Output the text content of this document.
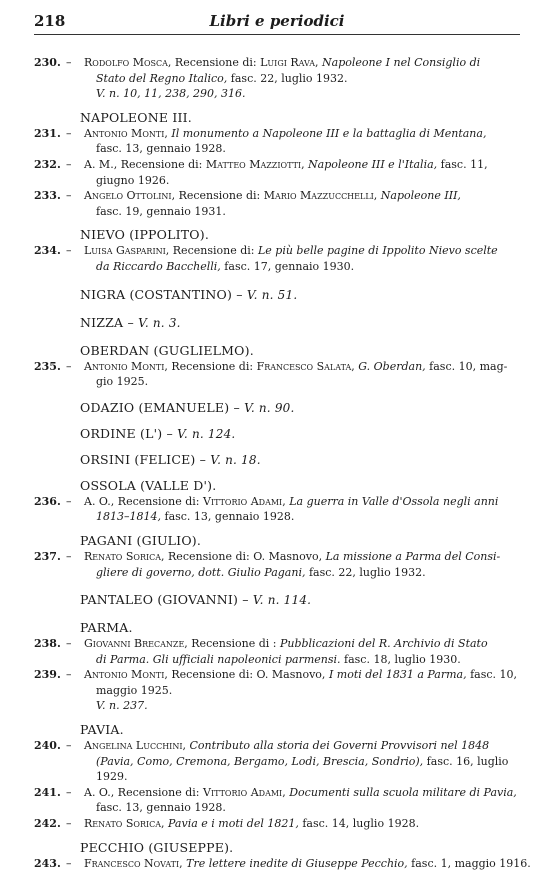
218	Libri e periodici
230. – Rodolfo Mosca, Recensione di: Luigi Rava, Napoleone I nel Consiglio di
Stato del Regno Italico, fasc. 22, luglio 1932.
V. n. 10, 11, 238, 290, 316.
NAPOLEONE III.
231. – Antonio Monti, Il monumento a Napoleone III e la battaglia di Mentana,
fasc. 13, gennaio 1928.
232. – A. M., Recensione di: Matteo Mazziotti, Napoleone III e l'Italia, fasc. 11,
giugno 1926.
233. – Angelo Ottolini, Recensione di: Mario Mazzucchelli, Napoleone III,
fasc. 19, gennaio 1931.
NIEVO (IPPOLITO).
234. – Luisa Gasparini, Recensione di: Le più belle pagine di Ippolito Nievo scelte
da Riccardo Bacchelli, fasc. 17, gennaio 1930.
NIGRA (COSTANTINO) – V. n. 51.
NIZZA – V. n. 3.
OBERDAN (GUGLIELMO).
235. – Antonio Monti, Recensione di: Francesco Salata, G. Oberdan, fasc. 10, mag-
gio 1925.
ODAZIO (EMANUELE) – V. n. 90.
ORDINE (L') – V. n. 124.
ORSINI (FELICE) – V. n. 18.
OSSOLA (VALLE D').
236. – A. O., Recensione di: Vittorio Adami, La guerra in Valle d'Ossola negli anni
1813–1814, fasc. 13, gennaio 1928.
PAGANI (GIULIO).
237. – Renato Sorica, Recensione di: O. Masnovo, La missione a Parma del Consi-
gliere di governo, dott. Giulio Pagani, fasc. 22, luglio 1932.
PANTALEO (GIOVANNI) – V. n. 114.
PARMA.
238. – Giovanni Brecanze, Recensione di : Pubblicazioni del R. Archivio di Stato
di Parma. Gli ufficiali napoleonici parmensi. fasc. 18, luglio 1930.
239. – Antonio Monti, Recensione di: O. Masnovo, I moti del 1831 a Parma, fasc. 10,
maggio 1925.
V. n. 237.
PAVIA.
240. – Angelina Lucchini, Contributo alla storia dei Governi Provvisori nel 1848
(Pavia, Como, Cremona, Bergamo, Lodi, Brescia, Sondrio), fasc. 16, luglio
1929.
241. – A. O., Recensione di: Vittorio Adami, Documenti sulla scuola militare di Pavia,
fasc. 13, gennaio 1928.
242. – Renato Sorica, Pavia e i moti del 1821, fasc. 14, luglio 1928.
PECCHIO (GIUSEPPE).
243. – Francesco Novati, Tre lettere inedite di Giuseppe Pecchio, fasc. 1, maggio 1916.
